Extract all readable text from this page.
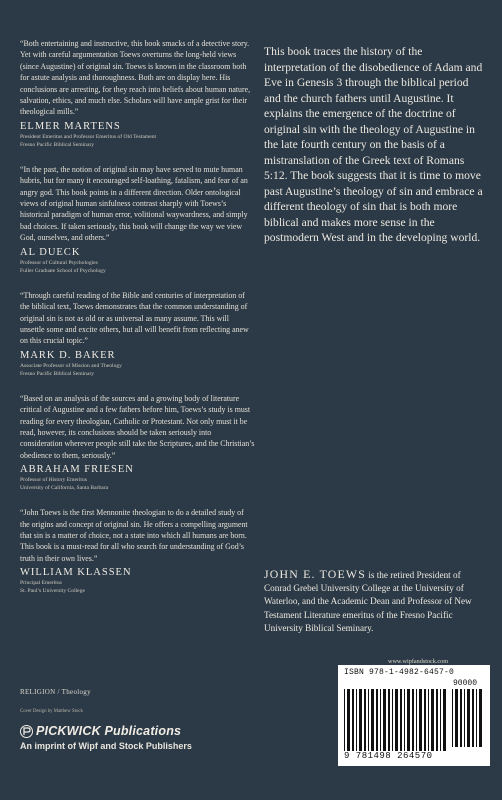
“Both entertaining and instructive, this book smacks of a detective story. Yet with careful argumentation Toews overturns the long-held views (since Augustine) of original sin. Toews is known in the classroom both for astute analysis and thoroughness. Both are on display here. His conclusions are arresting, for they reach into beliefs about human nature, salvation, ethics, and much else. Scholars will have ample grist for their theological mills.”

ELMER MARTENS

President Emeritus and Professor Emeritus of Old Testament
Fresno Pacific Biblical Seminary

“In the past, the notion of original sin may have served to mute human hubris, but for many it encouraged self-loathing, fatalism, and fear of an angry god. This book points in a different direction. Older ontological views of original human sinfulness contrast sharply with Toews’s historical paradigm of human error, volitional waywardness, and simply bad choices. If taken seriously, this book will change the way we view God, ourselves, and others.”

AL DUECK

Professor of Cultural Psychologies
Fuller Graduate School of Psychology

“Through careful reading of the Bible and centuries of interpretation of the biblical text, Toews demonstrates that the common understanding of original sin is not as old or as universal as many assume. This will unsettle some and excite others, but all will benefit from reflecting anew on this crucial topic.”

MARK D. BAKER

Associate Professor of Mission and Theology
Fresno Pacific Biblical Seminary

“Based on an analysis of the sources and a growing body of literature critical of Augustine and a few fathers before him, Toews’s study is must reading for every theologian, Catholic or Protestant. Not only must it be read, however, its conclusions should be taken seriously into consideration wherever people still take the Scriptures, and the Christian’s obedience to them, seriously.”

ABRAHAM FRIESEN

Professor of History Emeritus
University of California, Santa Barbara

“John Toews is the first Mennonite theologian to do a detailed study of the origins and concept of original sin. He offers a compelling argument that sin is a matter of choice, not a state into which all humans are born. This book is a must-read for all who search for understanding of God’s truth in their own lives.”

WILLIAM KLASSEN

Principal Emeritus
St. Paul’s University College

This book traces the history of the interpretation of the disobedience of Adam and Eve in Genesis 3 through the biblical period and the church fathers until Augustine. It explains the emergence of the doctrine of original sin with the theology of Augustine in the late fourth century on the basis of a mistranslation of the Greek text of Romans 5:12. The book suggests that it is time to move past Augustine’s theology of sin and embrace a different theology of sin that is both more biblical and makes more sense in the postmodern West and in the developing world.

JOHN E. TOEWS is the retired President of Conrad Grebel University College at the University of Waterloo, and the Academic Dean and Professor of New Testament Literature emeritus of the Fresno Pacific University Biblical Seminary.

RELIGION / Theology
Cover Design by Matthew Stock
PICKWICK Publications
An imprint of Wipf and Stock Publishers
www.wipfandstock.com
ISBN 978-1-4982-6457-0
90000
9 781498 264570
